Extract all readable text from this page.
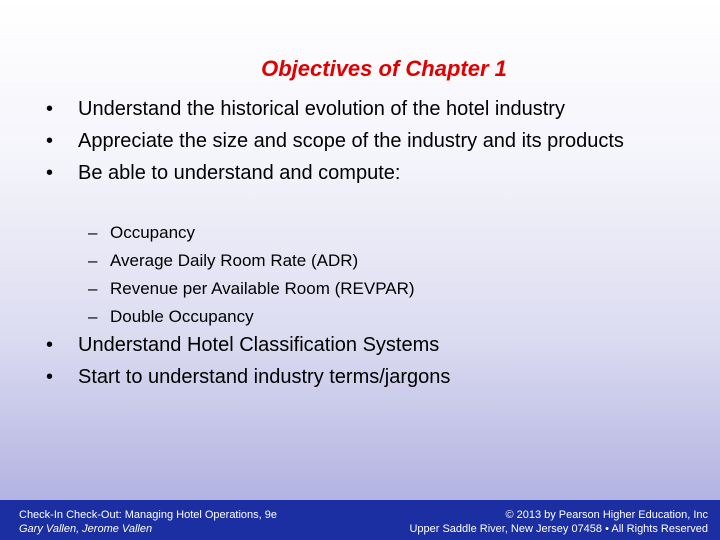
Objectives of Chapter 1
• Understand the historical evolution of the hotel industry
• Appreciate the size and scope of the industry and its products
• Be able to understand and compute:
– Occupancy
– Average Daily Room Rate (ADR)
– Revenue per Available Room (REVPAR)
– Double Occupancy
• Understand Hotel Classification Systems
• Start to understand industry terms/jargons
Check-In Check-Out: Managing Hotel Operations, 9e
Gary Vallen, Jerome Vallen
© 2013 by Pearson Higher Education, Inc
Upper Saddle River, New Jersey 07458 • All Rights Reserved
